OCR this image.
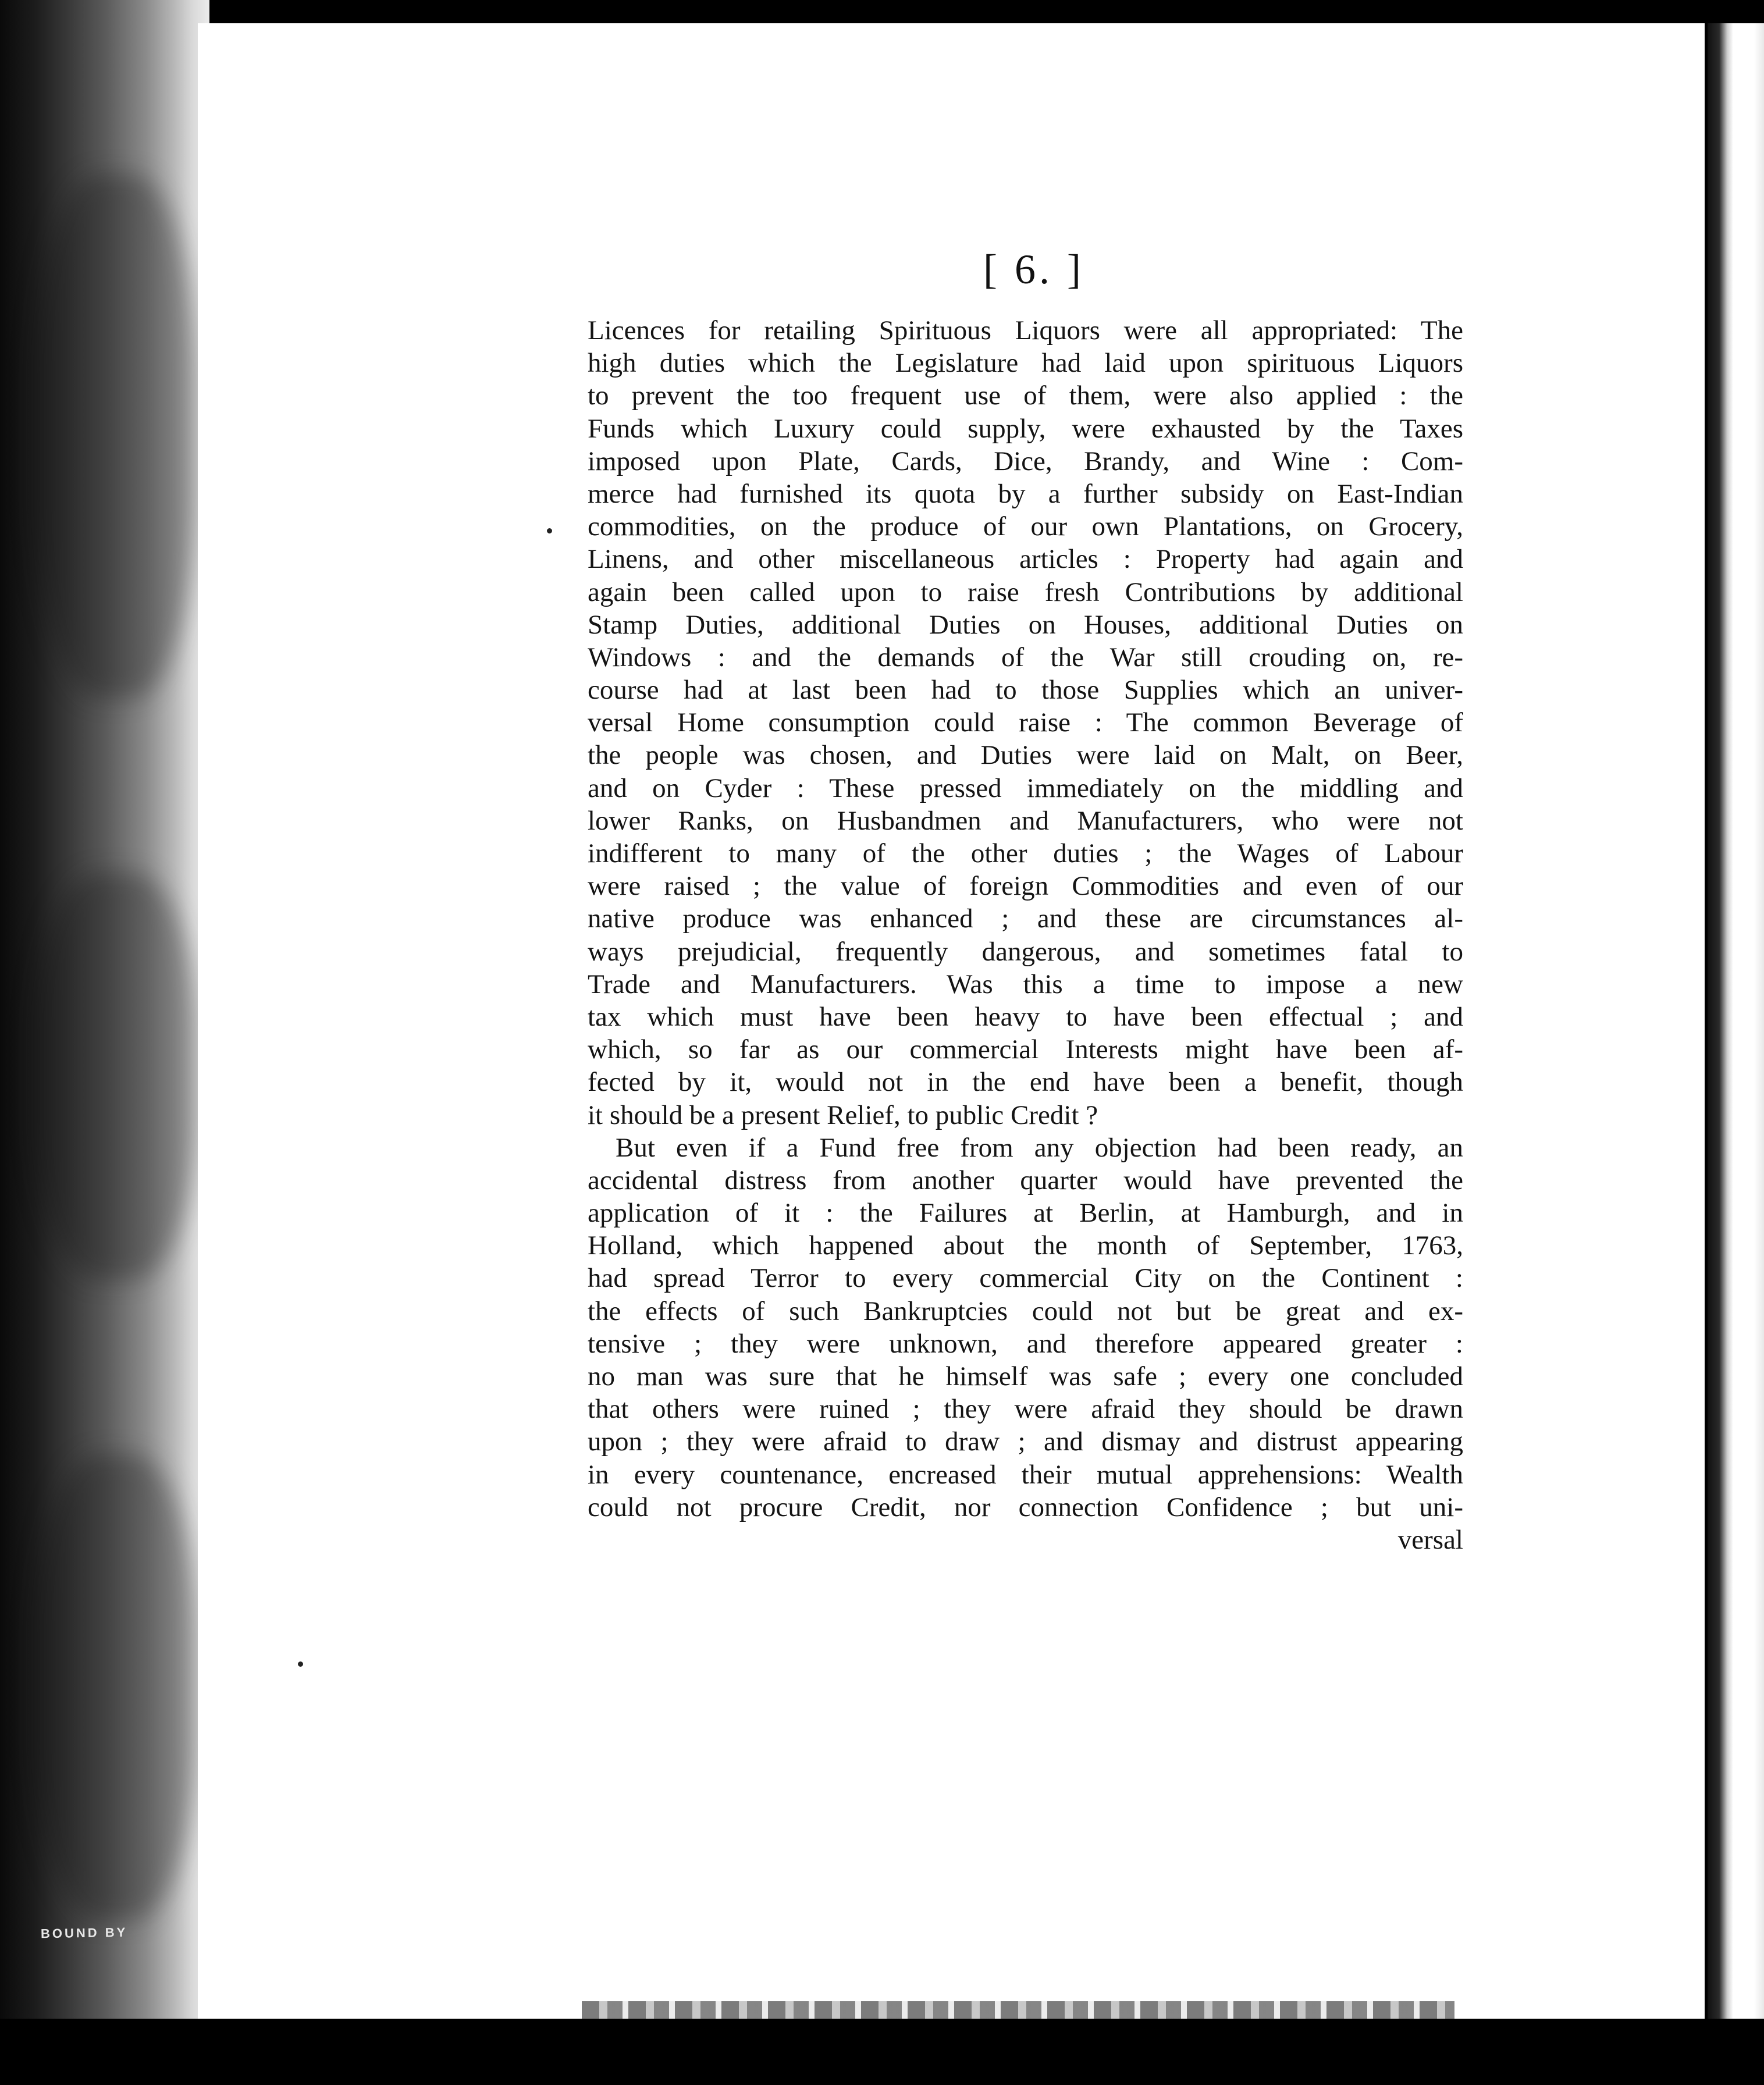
BOUND BY
[ 6. ]
Licences for retailing Spirituous Liquors were all appropriated: The
high duties which the Legislature had laid upon spirituous Liquors
to prevent the too frequent use of them, were also applied : the
Funds which Luxury could supply, were exhausted by the Taxes
imposed upon Plate, Cards, Dice, Brandy, and Wine : Com-
merce had furnished its quota by a further subsidy on East-Indian
commodities, on the produce of our own Plantations, on Grocery,
Linens, and other miscellaneous articles : Property had again and
again been called upon to raise fresh Contributions by additional
Stamp Duties, additional Duties on Houses, additional Duties on
Windows : and the demands of the War still crouding on, re-
course had at last been had to those Supplies which an univer-
versal Home consumption could raise : The common Beverage of
the people was chosen, and Duties were laid on Malt, on Beer,
and on Cyder : These pressed immediately on the middling and
lower Ranks, on Husbandmen and Manufacturers, who were not
indifferent to many of the other duties ; the Wages of Labour
were raised ; the value of foreign Commodities and even of our
native produce was enhanced ; and these are circumstances al-
ways prejudicial, frequently dangerous, and sometimes fatal to
Trade and Manufacturers. Was this a time to impose a new
tax which must have been heavy to have been effectual ; and
which, so far as our commercial Interests might have been af-
fected by it, would not in the end have been a benefit, though
it should be a present Relief, to public Credit ?
But even if a Fund free from any objection had been ready, an
accidental distress from another quarter would have prevented the
application of it : the Failures at Berlin, at Hamburgh, and in
Holland, which happened about the month of September, 1763,
had spread Terror to every commercial City on the Continent :
the effects of such Bankruptcies could not but be great and ex-
tensive ; they were unknown, and therefore appeared greater :
no man was sure that he himself was safe ; every one concluded
that others were ruined ; they were afraid they should be drawn
upon ; they were afraid to draw ; and dismay and distrust appearing
in every countenance, encreased their mutual apprehensions: Wealth
could not procure Credit, nor connection Confidence ; but uni-
versal
